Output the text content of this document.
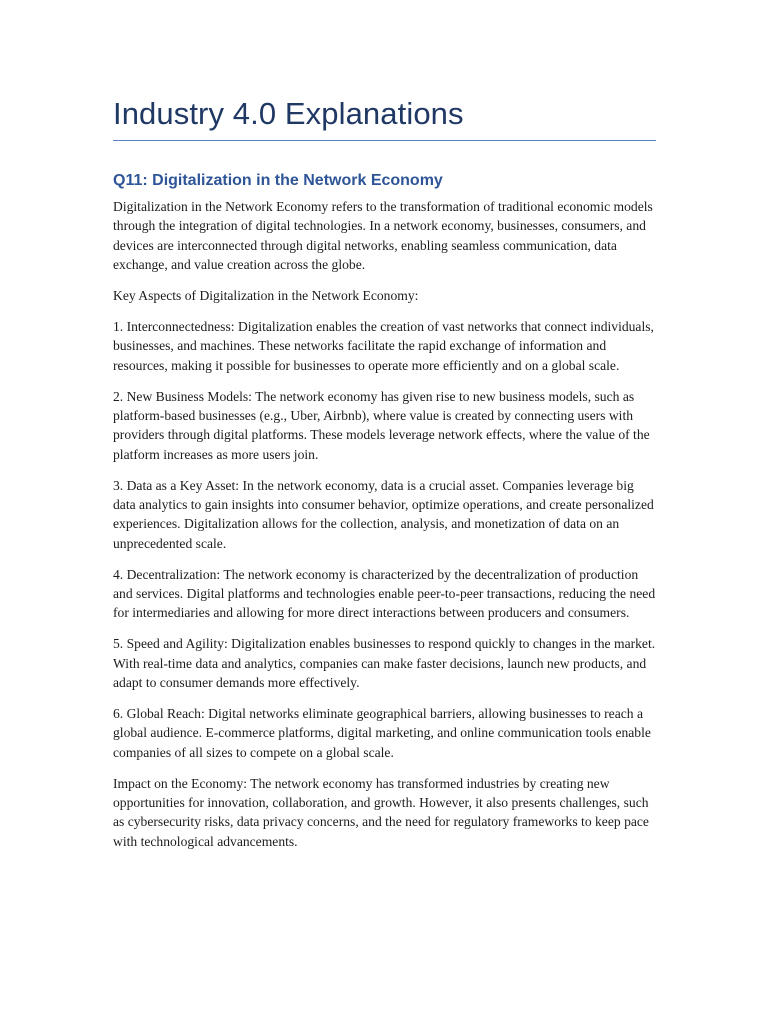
Industry 4.0 Explanations
Q11: Digitalization in the Network Economy

Digitalization in the Network Economy refers to the transformation of traditional economic models through the integration of digital technologies. In a network economy, businesses, consumers, and devices are interconnected through digital networks, enabling seamless communication, data exchange, and value creation across the globe.

Key Aspects of Digitalization in the Network Economy:

1. Interconnectedness: Digitalization enables the creation of vast networks that connect individuals, businesses, and machines. These networks facilitate the rapid exchange of information and resources, making it possible for businesses to operate more efficiently and on a global scale.

2. New Business Models: The network economy has given rise to new business models, such as platform-based businesses (e.g., Uber, Airbnb), where value is created by connecting users with providers through digital platforms. These models leverage network effects, where the value of the platform increases as more users join.

3. Data as a Key Asset: In the network economy, data is a crucial asset. Companies leverage big data analytics to gain insights into consumer behavior, optimize operations, and create personalized experiences. Digitalization allows for the collection, analysis, and monetization of data on an unprecedented scale.

4. Decentralization: The network economy is characterized by the decentralization of production and services. Digital platforms and technologies enable peer-to-peer transactions, reducing the need for intermediaries and allowing for more direct interactions between producers and consumers.

5. Speed and Agility: Digitalization enables businesses to respond quickly to changes in the market. With real-time data and analytics, companies can make faster decisions, launch new products, and adapt to consumer demands more effectively.

6. Global Reach: Digital networks eliminate geographical barriers, allowing businesses to reach a global audience. E-commerce platforms, digital marketing, and online communication tools enable companies of all sizes to compete on a global scale.

Impact on the Economy: The network economy has transformed industries by creating new opportunities for innovation, collaboration, and growth. However, it also presents challenges, such as cybersecurity risks, data privacy concerns, and the need for regulatory frameworks to keep pace with technological advancements.
